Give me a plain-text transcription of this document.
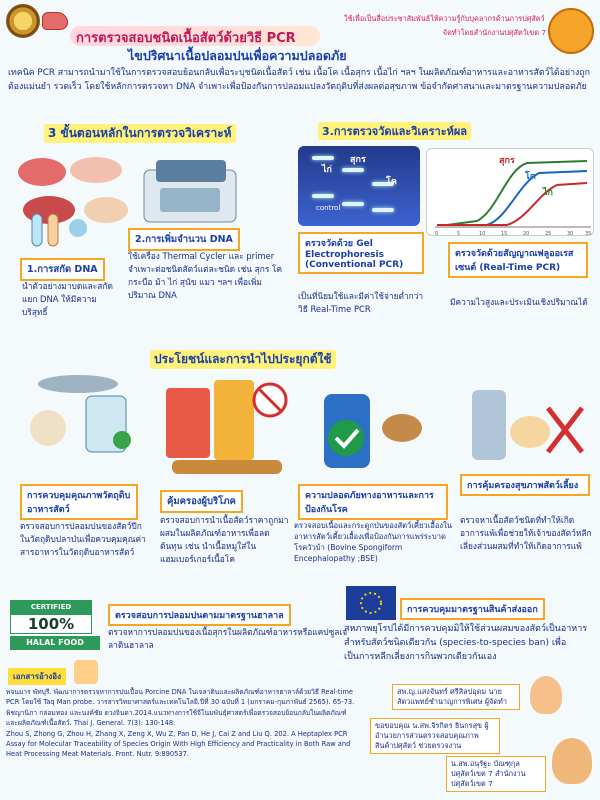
การตรวจสอบชนิดเนื้อสัตว์ด้วยวิธี PCR
ไขปริศนาเนื้อปลอมปนเพื่อความปลอดภัย
ใช้เพื่อเป็นสื่อประชาสัมพันธ์ให้ความรู้กับบุคลากรด้านการปศุสัตว์
จัดทำโดยสำนักงานปศุสัตว์เขต 7
เทคนิค PCR สามารถนำมาใช้ในการตรวจสอบย้อนกลับเพื่อระบุชนิดเนื้อสัตว์ เช่น เนื้อโค เนื้อสุกร เนื้อไก่ ฯลฯ ในผลิตภัณฑ์อาหารและอาหารสัตว์ได้อย่างถูกต้องแม่นยำ รวดเร็ว โดยใช้หลักการตรวจหา DNA จำเพาะเพื่อป้องกันการปลอมแปลงวัตถุดิบที่ส่งผลต่อสุขภาพ ข้อจำกัดศาสนาและมาตรฐานความปลอดภัย
3 ขั้นตอนหลักในการตรวจวิเคราะห์	3.การตรวจวัดและวิเคราะห์ผล
ไก่
สุกร
โค
control
สุกร
โค
ไก่
0	5	10	15	20	25	30 35
1.การสกัด DNA
นำตัวอย่างมาบดและสกัดแยก DNA ให้มีความบริสุทธิ์
2.การเพิ่มจำนวน DNA
ใช้เครื่อง Thermal Cycler และ primer จำเพาะต่อชนิดสัตว์แต่ละชนิด เช่น สุกร โค กระบือ ม้า ไก่ สุนัข แมว ฯลฯ เพื่อเพิ่มปริมาณ DNA
ตรวจวัดด้วย Gel Electrophoresis (Conventional PCR)
เป็นที่นิยมใช้และมีค่าใช้จ่ายต่ำกว่าวิธี Real-Time PCR
ตรวจวัดด้วยสัญญาณฟลูออเรสเซนต์ (Real-Time PCR)
มีความไวสูงและประเมินเชิงปริมาณได้
ประโยชน์และการนำไปประยุกต์ใช้
การควบคุมคุณภาพวัตถุดิบอาหารสัตว์
ตรวจสอบการปลอมปนของสัตว์ปีกในวัตถุดิบปลาป่นเพื่อควบคุมคุณค่าสารอาหารในวัตถุดิบอาหารสัตว์
คุ้มครองผู้บริโภค
ตรวจสอบการนำเนื้อสัตว์ราคาถูกมาผสมในผลิตภัณฑ์อาหารเพื่อลดต้นทุน เช่น นำเนื้อหมูใส่ในแฮมเบอร์เกอร์เนื้อโค
ความปลอดภัยทางอาหารและการป้องกันโรค
ตรวจสอบเนื้อและกระดูกป่นของสัตว์เคี้ยวเอื้องในอาหารสัตว์เคี้ยวเอื้องเพื่อป้องกันการแพร่ระบาดโรควัวบ้า (Bovine Spongiform Encephalopathy ;BSE)
การคุ้มครองสุขภาพสัตว์เลี้ยง
ตรวจหาเนื้อสัตว์ชนิดที่ทำให้เกิดอาการแพ้เพื่อช่วยให้เจ้าของสัตว์หลีกเลี่ยงส่วนผสมที่ทำให้เกิดอาการแพ้
CERTIFIED
100%
HALAL FOOD
ตรวจสอบการปลอมปนตามมาตรฐานฮาลาล
ตรวจหาการปลอมปนของเนื้อสุกรในผลิตภัณฑ์อาหารหรือแคปซูลเจลาตินฮาลาล
การควบคุมมาตรฐานสินค้าส่งออก
สหภาพยุโรปได้มีการควบคุมมิให้ใช้ส่วนผสมของสัตว์เป็นอาหารสำหรับสัตว์ชนิดเดียวกัน (species-to-species ban) เพื่อเป็นการหลีกเลี่ยงการกินพวกเดียวกันเอง
เอกสารอ้างอิง
พจนมาร พัทบุรี. พัฒนาการตรวจหาการปนเปื้อน Porcine DNA ในเจลาตินและผลิตภัณฑ์อาหารฮาลาล์ด้วยวิธี Real-time PCR โดยใช้ Taq Man probe. วารสารวิทยาศาสตร์และเทคโนโลยี.ปีที่ 30 ฉบับที่ 1 (มกราคม-กุมภาพันธ์ 2565). 65-73.
พิชญานิภา กล่อมทอง และนงค์ชัย ดวงจินดา.2014.แนวทางการใช้จีโนมพันธุ์ศาสตร์เพื่อตรวจสอบย้อนกลับในผลิตภัณฑ์และผลิตภัณฑ์เนื้อสัตว์. Thai J. General. 7(3): 130-148.
Zhou S, Zhong G, Zhou H, Zhang X, Zeng X, Wu Z, Pan D, He J, Cai Z and Liu Q. 202. A Heptaplex PCR Assay for Molecular Traceability of Species Origin With High Efficiency and Practicality in Both Raw and Heat Processing Meat Materials. Front. Nutr. 9:890537.
สพ.ญ.แสงจันทร์ ศรีสิลปอุดม นายสัตวแพทย์ชำนาญการพิเศษ ผู้จัดทำ
ขอขอบคุณ น.สพ.จิรกิตร ธินกรสุข ผู้อำนวยการส่วนตรวจสอบคุณภาพสินค้าปศุสัตว์ ช่วยตรวจงาน
น.สพ.อนุรัฐะ บัณฑุกุล ปศุสัตว์เขต 7 สำนักงานปศุสัตว์เขต 7
